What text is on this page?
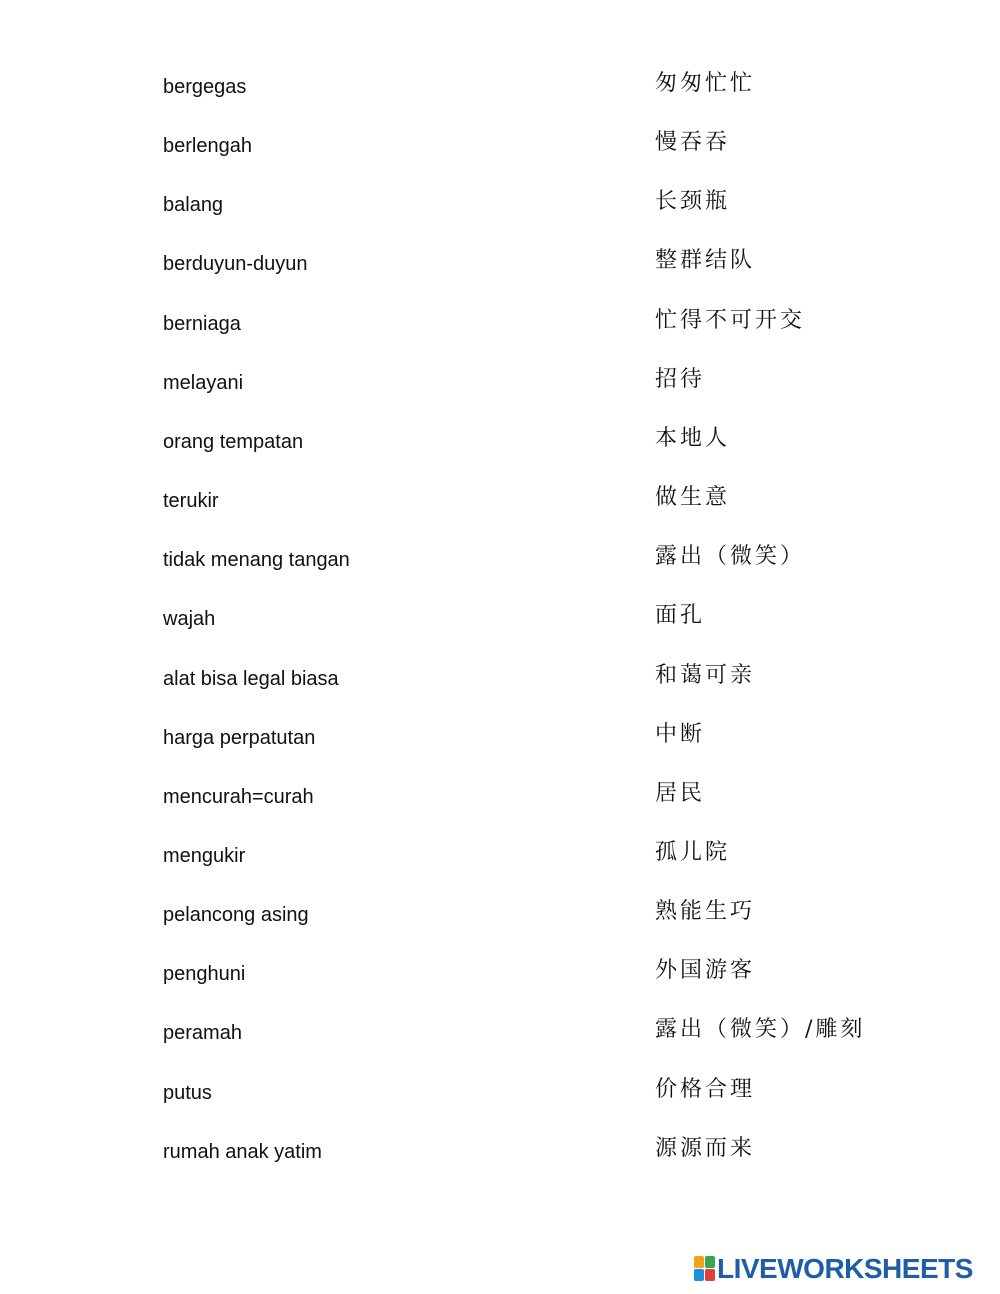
bergegas	匆匆忙忙
berlengah	慢吞吞
balang	长颈瓶
berduyun-duyun	整群结队
berniaga	忙得不可开交
melayani	招待
orang tempatan	本地人
terukir	做生意
tidak menang tangan	露出（微笑）
wajah	面孔
alat bisa legal biasa	和蔼可亲
harga perpatutan	中断
mencurah=curah	居民
mengukir	孤儿院
pelancong asing	熟能生巧
penghuni	外国游客
peramah	露出（微笑）/雕刻
putus	价格合理
rumah anak yatim	源源而来
LIVEWORKSHEETS
